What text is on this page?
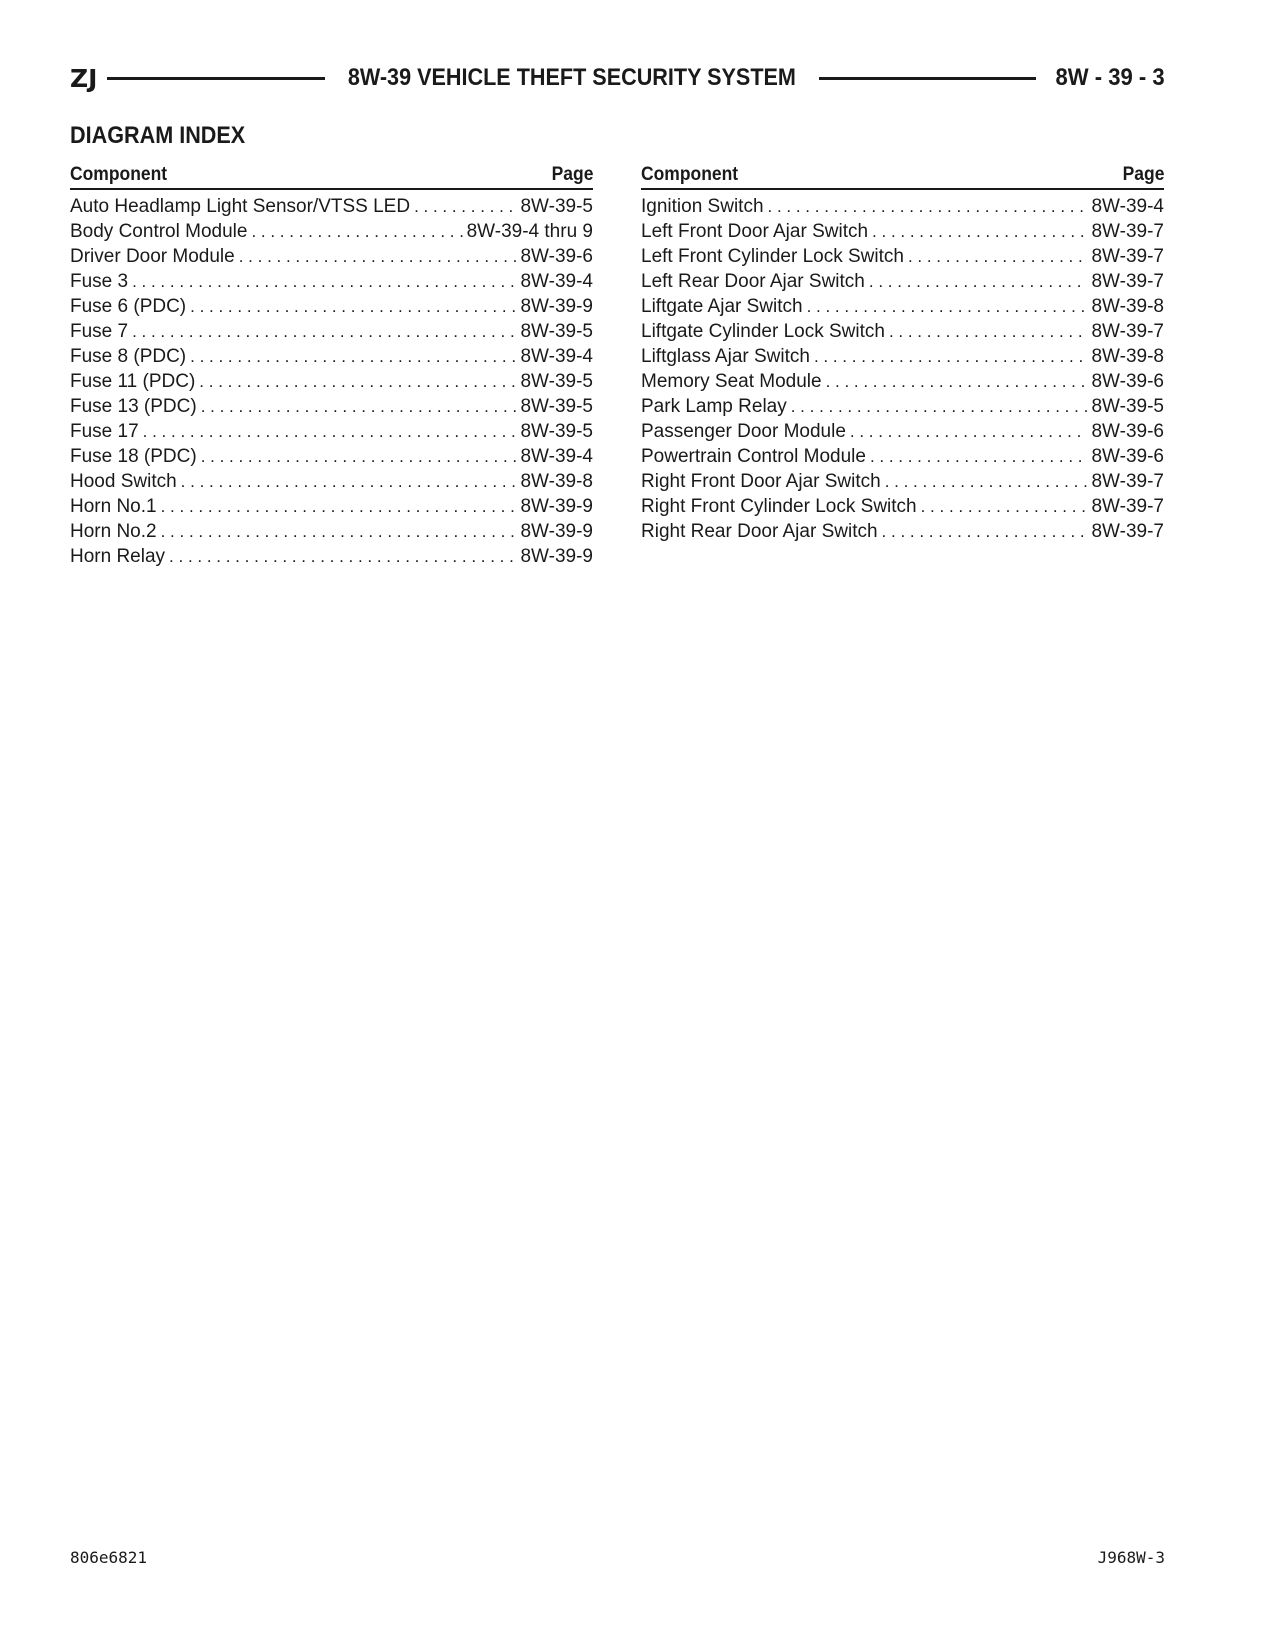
ZJ	8W-39 VEHICLE THEFT SECURITY SYSTEM	8W - 39 - 3
DIAGRAM INDEX
Component	Page
Auto Headlamp Light Sensor/VTSS LED . . .	8W-39-5
Body Control Module . . .	8W-39-4 thru 9
Driver Door Module . . .	8W-39-6
Fuse 3 . . .	8W-39-4
Fuse 6 (PDC) . . .	8W-39-9
Fuse 7 . . .	8W-39-5
Fuse 8 (PDC) . . .	8W-39-4
Fuse 11 (PDC) . . .	8W-39-5
Fuse 13 (PDC) . . .	8W-39-5
Fuse 17 . . .	8W-39-5
Fuse 18 (PDC) . . .	8W-39-4
Hood Switch . . .	8W-39-8
Horn No.1 . . .	8W-39-9
Horn No.2 . . .	8W-39-9
Horn Relay . . .	8W-39-9
Component	Page
Ignition Switch . . .	8W-39-4
Left Front Door Ajar Switch . . .	8W-39-7
Left Front Cylinder Lock Switch . . .	8W-39-7
Left Rear Door Ajar Switch . . .	8W-39-7
Liftgate Ajar Switch . . .	8W-39-8
Liftgate Cylinder Lock Switch . . .	8W-39-7
Liftglass Ajar Switch . . .	8W-39-8
Memory Seat Module . . .	8W-39-6
Park Lamp Relay . . .	8W-39-5
Passenger Door Module . . .	8W-39-6
Powertrain Control Module . . .	8W-39-6
Right Front Door Ajar Switch . . .	8W-39-7
Right Front Cylinder Lock Switch . . .	8W-39-7
Right Rear Door Ajar Switch . . .	8W-39-7
806e6821	J968W-3
